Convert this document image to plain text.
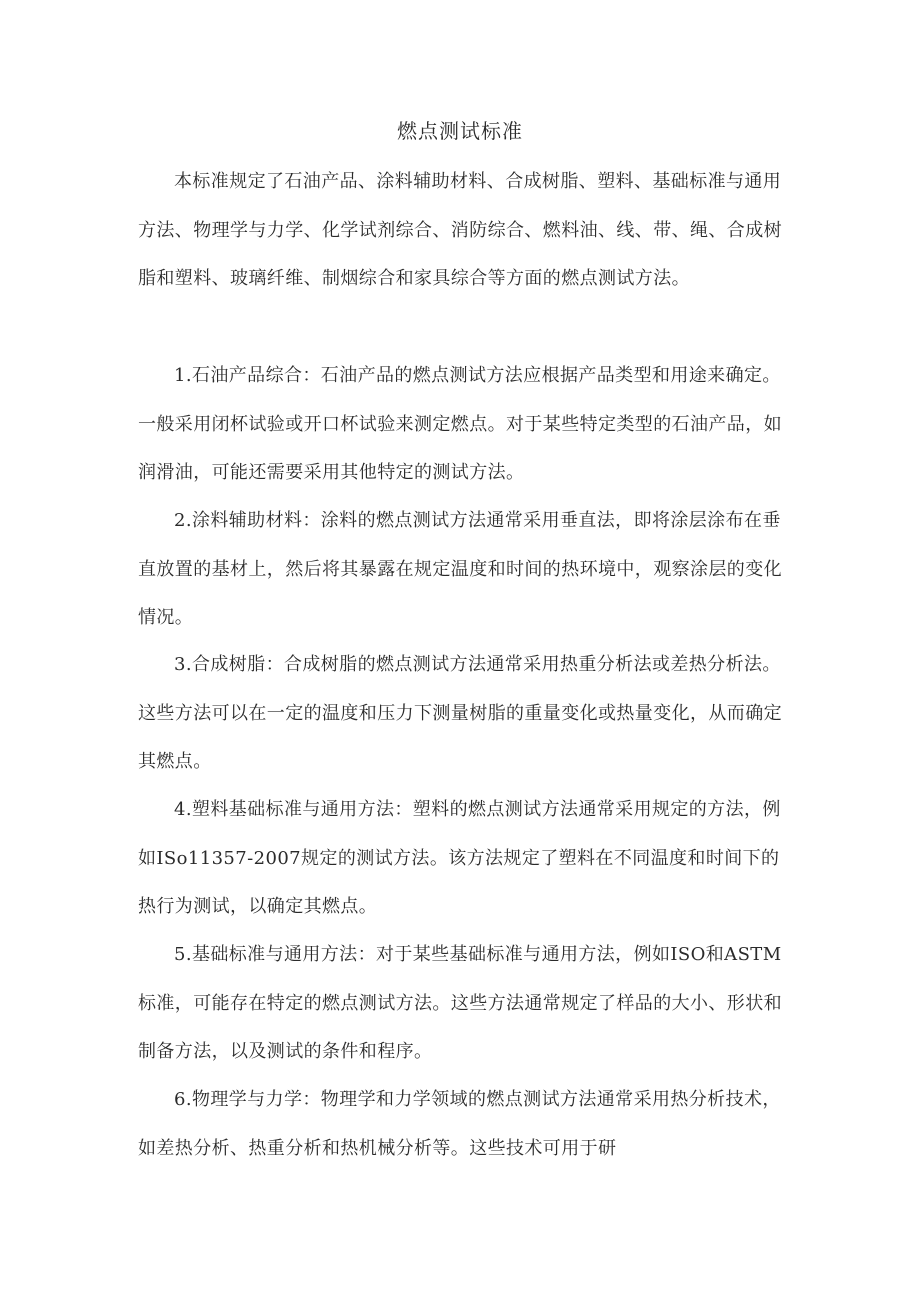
燃点测试标准

本标准规定了石油产品、涂料辅助材料、合成树脂、塑料、基础标准与通用方法、物理学与力学、化学试剂综合、消防综合、燃料油、线、带、绳、合成树脂和塑料、玻璃纤维、制烟综合和家具综合等方面的燃点测试方法。

1.石油产品综合：石油产品的燃点测试方法应根据产品类型和用途来确定。一般采用闭杯试验或开口杯试验来测定燃点。对于某些特定类型的石油产品，如润滑油，可能还需要采用其他特定的测试方法。

2.涂料辅助材料：涂料的燃点测试方法通常采用垂直法，即将涂层涂布在垂直放置的基材上，然后将其暴露在规定温度和时间的热环境中，观察涂层的变化情况。

3.合成树脂：合成树脂的燃点测试方法通常采用热重分析法或差热分析法。这些方法可以在一定的温度和压力下测量树脂的重量变化或热量变化，从而确定其燃点。

4.塑料基础标准与通用方法：塑料的燃点测试方法通常采用规定的方法，例如ISo11357-2007规定的测试方法。该方法规定了塑料在不同温度和时间下的热行为测试，以确定其燃点。

5.基础标准与通用方法：对于某些基础标准与通用方法，例如ISO和ASTM标准，可能存在特定的燃点测试方法。这些方法通常规定了样品的大小、形状和制备方法，以及测试的条件和程序。

6.物理学与力学：物理学和力学领域的燃点测试方法通常采用热分析技术，如差热分析、热重分析和热机械分析等。这些技术可用于研
